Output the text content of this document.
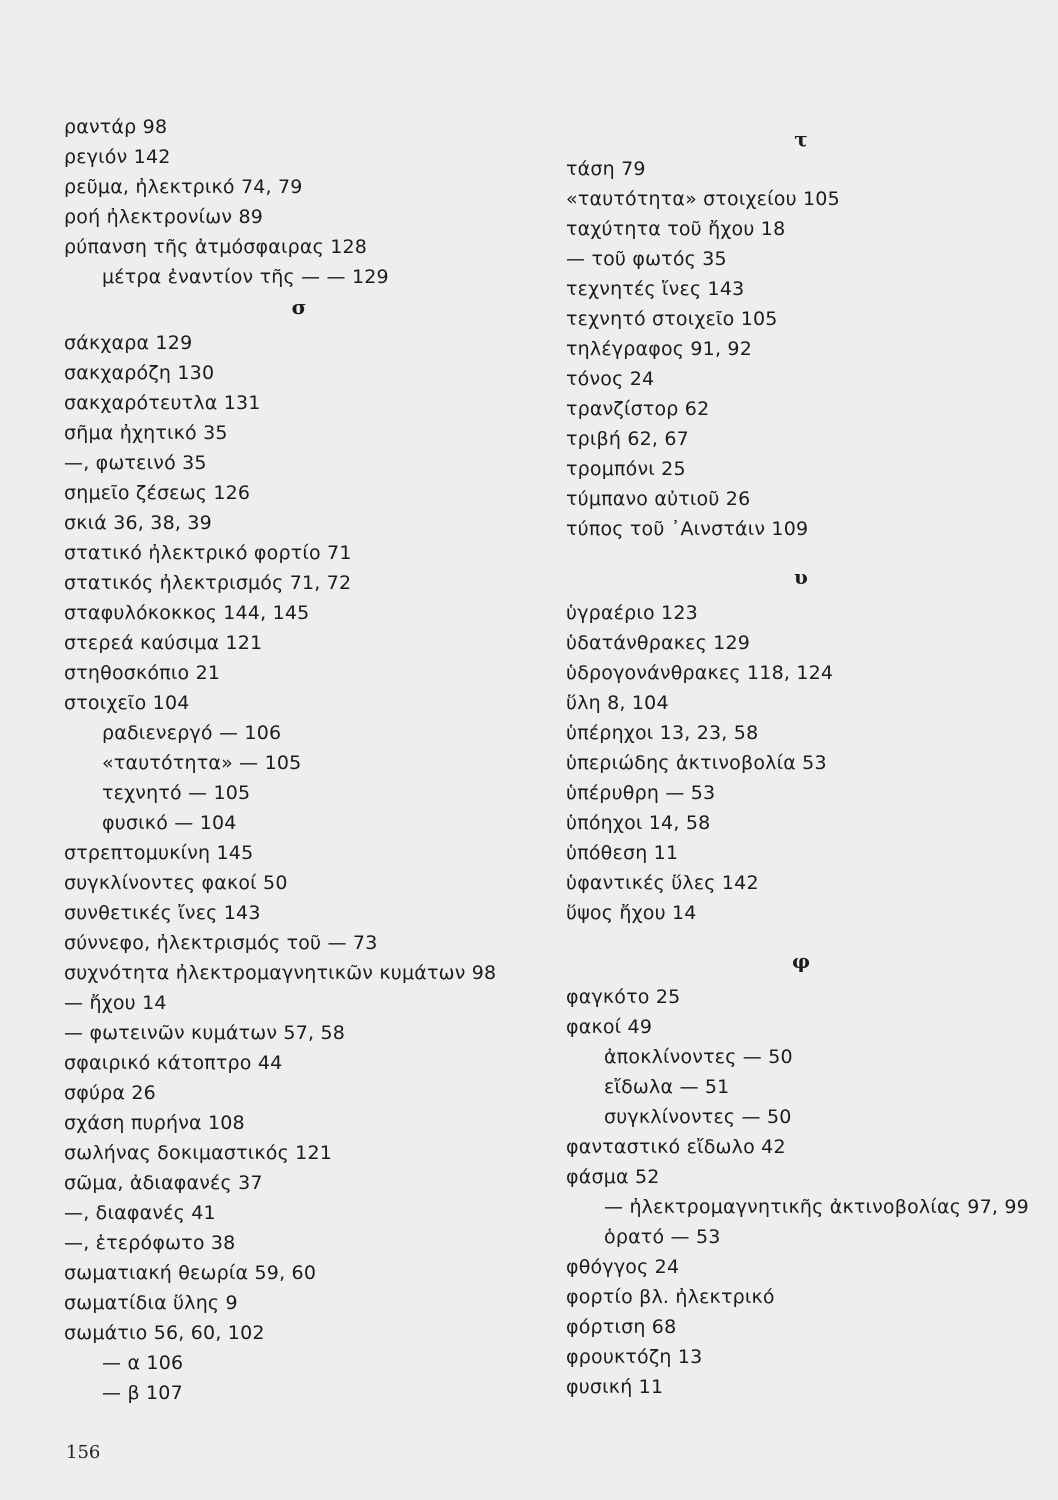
ραντάρ 98
ρεγιόν 142
ρεῦμα, ἠλεκτρικό 74, 79
ροή ἠλεκτρονίων 89
ρύπανση τῆς ἀτμόσφαιρας 128
μέτρα ἐναντίον τῆς — — 129
σ
σάκχαρα 129
σακχαρόζη 130
σακχαρότευτλα 131
σῆμα ἠχητικό 35
—, φωτεινό 35
σημεῖο ζέσεως 126
σκιά 36, 38, 39
στατικό ἠλεκτρικό φορτίο 71
στατικός ἠλεκτρισμός 71, 72
σταφυλόκοκκος 144, 145
στερεά καύσιμα 121
στηθοσκόπιο 21
στοιχεῖο 104
ραδιενεργό — 106
«ταυτότητα» — 105
τεχνητό — 105
φυσικό — 104
στρεπτομυκίνη 145
συγκλίνοντες φακοί 50
συνθετικές ἴνες 143
σύννεφο, ἠλεκτρισμός τοῦ — 73
συχνότητα ἠλεκτρομαγνητικῶν κυμάτων 98
— ἤχου 14
— φωτεινῶν κυμάτων 57, 58
σφαιρικό κάτοπτρο 44
σφύρα 26
σχάση πυρήνα 108
σωλήνας δοκιμαστικός 121
σῶμα, ἀδιαφανές 37
—, διαφανές 41
—, ἑτερόφωτο 38
σωματιακή θεωρία 59, 60
σωματίδια ὕλης 9
σωμάτιο 56, 60, 102
— α 106
— β 107
τ
τάση 79
«ταυτότητα» στοιχείου 105
ταχύτητα τοῦ ἤχου 18
— τοῦ φωτός 35
τεχνητές ἴνες 143
τεχνητό στοιχεῖο 105
τηλέγραφος 91, 92
τόνος 24
τρανζίστορ 62
τριβή 62, 67
τρομπόνι 25
τύμπανο αὐτιοῦ 26
τύπος τοῦ ᾿Αινστάιν 109
υ
ὑγραέριο 123
ὑδατάνθρακες 129
ὑδρογονάνθρακες 118, 124
ὕλη 8, 104
ὑπέρηχοι 13, 23, 58
ὑπεριώδης ἀκτινοβολία 53
ὑπέρυθρη — 53
ὑπόηχοι 14, 58
ὑπόθεση 11
ὑφαντικές ὕλες 142
ὕψος ἤχου 14
φ
φαγκότο 25
φακοί 49
ἀποκλίνοντες — 50
εἴδωλα — 51
συγκλίνοντες — 50
φανταστικό εἴδωλο 42
φάσμα 52
— ἠλεκτρομαγνητικῆς ἀκτινοβολίας 97, 99
ὁρατό — 53
φθόγγος 24
φορτίο βλ. ἠλεκτρικό
φόρτιση 68
φρουκτόζη 13
φυσική 11
156
